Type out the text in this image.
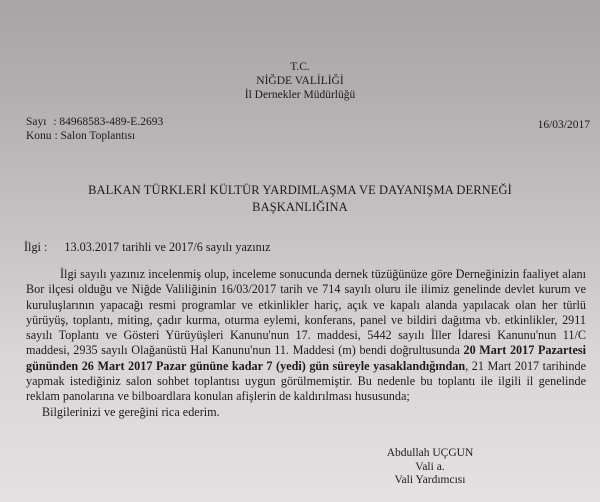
T.C.
NİĞDE VALİLİĞİ
İl Dernekler Müdürlüğü
Sayı : 84968583-489-E.2693
Konu : Salon Toplantısı
16/03/2017
BALKAN TÜRKLERİ KÜLTÜR YARDIMLAŞMA VE DAYANIŞMA DERNEĞİ
BAŞKANLIĞINA
İlgi : 13.03.2017 tarihli ve 2017/6 sayılı yazınız
İlgi sayılı yazınız incelenmiş olup, inceleme sonucunda dernek tüzüğünüze göre Derneğinizin faaliyet alanı
Bor ilçesi olduğu ve Niğde Valiliğinin 16/03/2017 tarih ve 714 sayılı oluru ile ilimiz genelinde devlet kurum ve
kuruluşlarının yapacağı resmi programlar ve etkinlikler hariç, açık ve kapalı alanda yapılacak olan her türlü
yürüyüş, toplantı, miting, çadır kurma, oturma eylemi, konferans, panel ve bildiri dağıtma vb. etkinlikler, 2911
sayılı Toplantı ve Gösteri Yürüyüşleri Kanunu'nun 17. maddesi, 5442 sayılı İller İdaresi Kanunu'nun 11/C
maddesi, 2935 sayılı Olağanüstü Hal Kanunu'nun 11. Maddesi (m) bendi doğrultusunda 20 Mart 2017 Pazartesi
gününden 26 Mart 2017 Pazar gününe kadar 7 (yedi) gün süreyle yasaklandığından, 21 Mart 2017 tarihinde
yapmak istediğiniz salon sohbet toplantısı uygun görülmemiştir. Bu nedenle bu toplantı ile ilgili il genelinde
reklam panolarına ve bilboardlara konulan afişlerin de kaldırılması hususunda;
Bilgilerinizi ve gereğini rica ederim.
Abdullah UÇGUN
Vali a.
Vali Yardımcısı
